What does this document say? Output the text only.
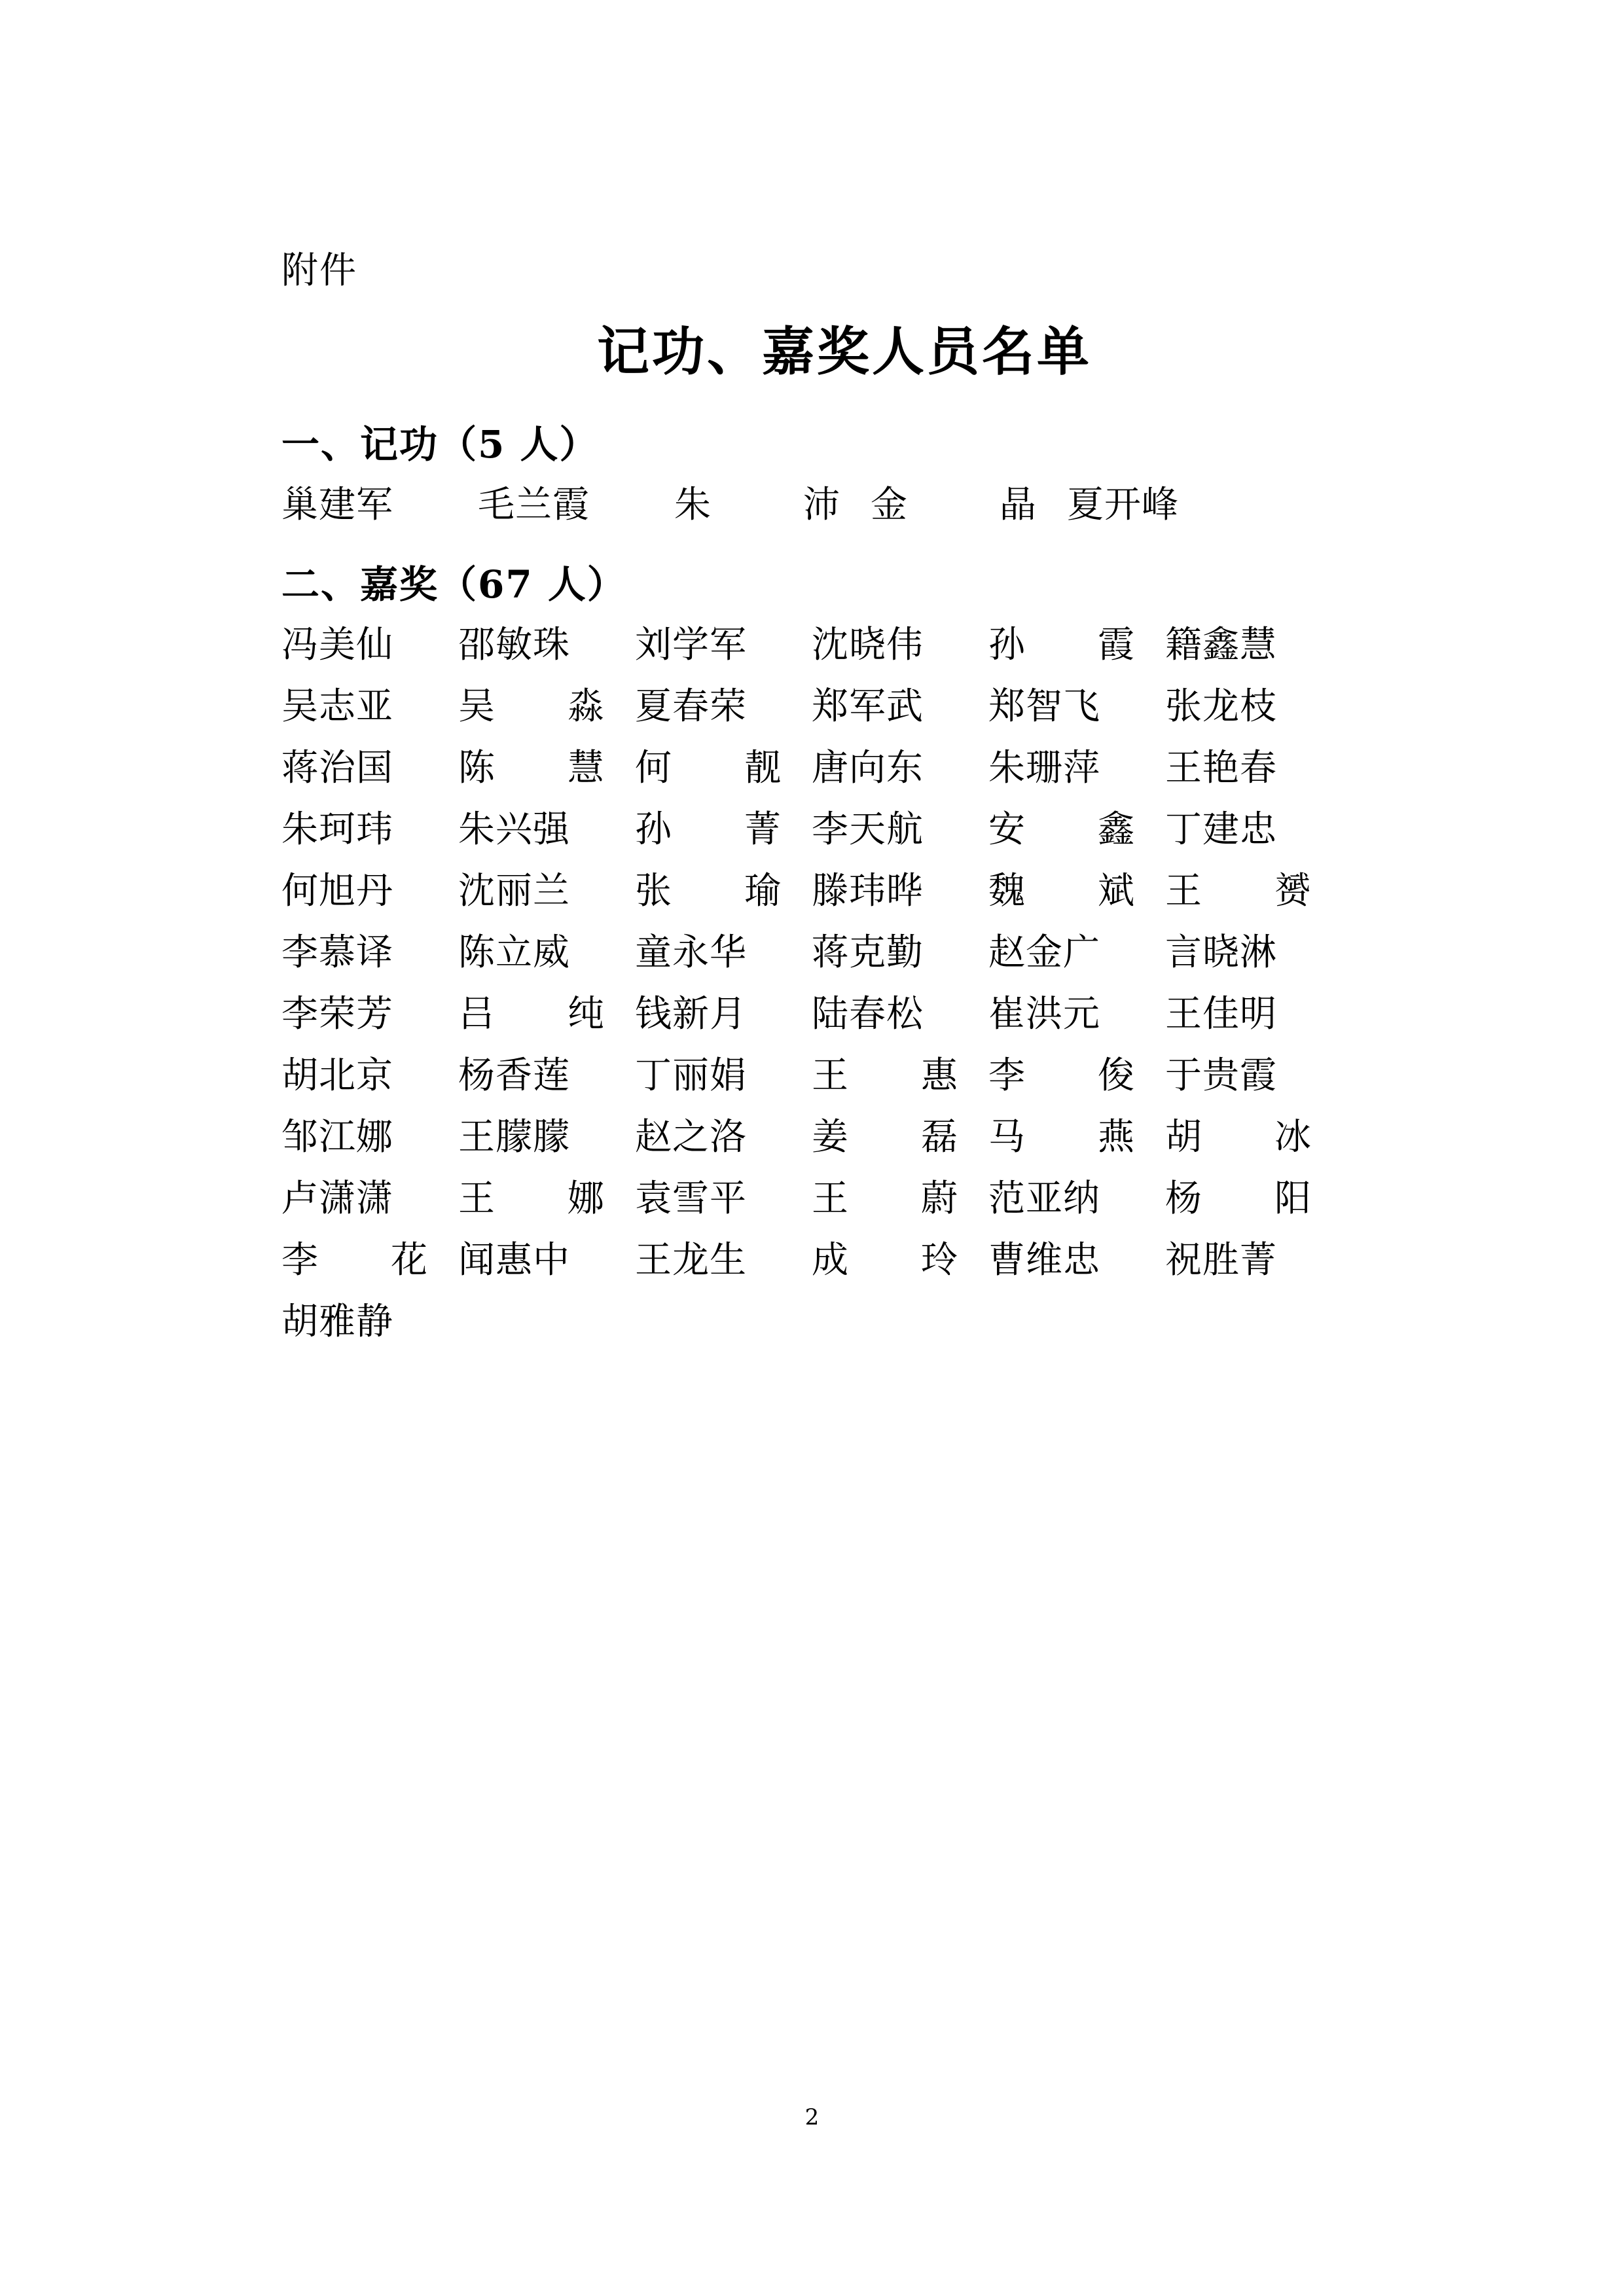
附件
记功、嘉奖人员名单
一、记功（5 人）
巢 建 军 毛 兰 霞 朱	沛 金	晶 夏 开 峰
二、嘉奖（67 人）
冯 美 仙 邵 敏 珠 刘 学 军 沈 晓 伟 孙 霞 籍 鑫 慧
吴 志 亚 吴 淼 夏 春 荣 郑 军 武 郑 智 飞 张 龙 枝
蒋 治 国 陈 慧 何 靓 唐 向 东 朱 珊 萍 王 艳 春
朱 珂 玮 朱 兴 强 孙 菁 李 天 航 安 鑫 丁 建 忠
何 旭 丹 沈 丽 兰 张 瑜 滕 玮 晔 魏 斌 王 赟
李 慕 译 陈 立 威 童 永 华 蒋 克 勤 赵 金 广 言 晓 淋
李 荣 芳 吕 纯 钱 新 月 陆 春 松 崔 洪 元 王 佳 明
胡 北 京 杨 香 莲 丁 丽 娟 王 惠 李 俊 于 贵 霞
邹 江 娜 王 朦 朦 赵 之 洛 姜 磊 马 燕 胡 冰
卢 潇 潇 王 娜 袁 雪 平 王 蔚 范 亚 纳 杨 阳
李 花 闻 惠 中 王 龙 生 成 玲 曹 维 忠 祝 胜 菁
胡 雅 静
2
